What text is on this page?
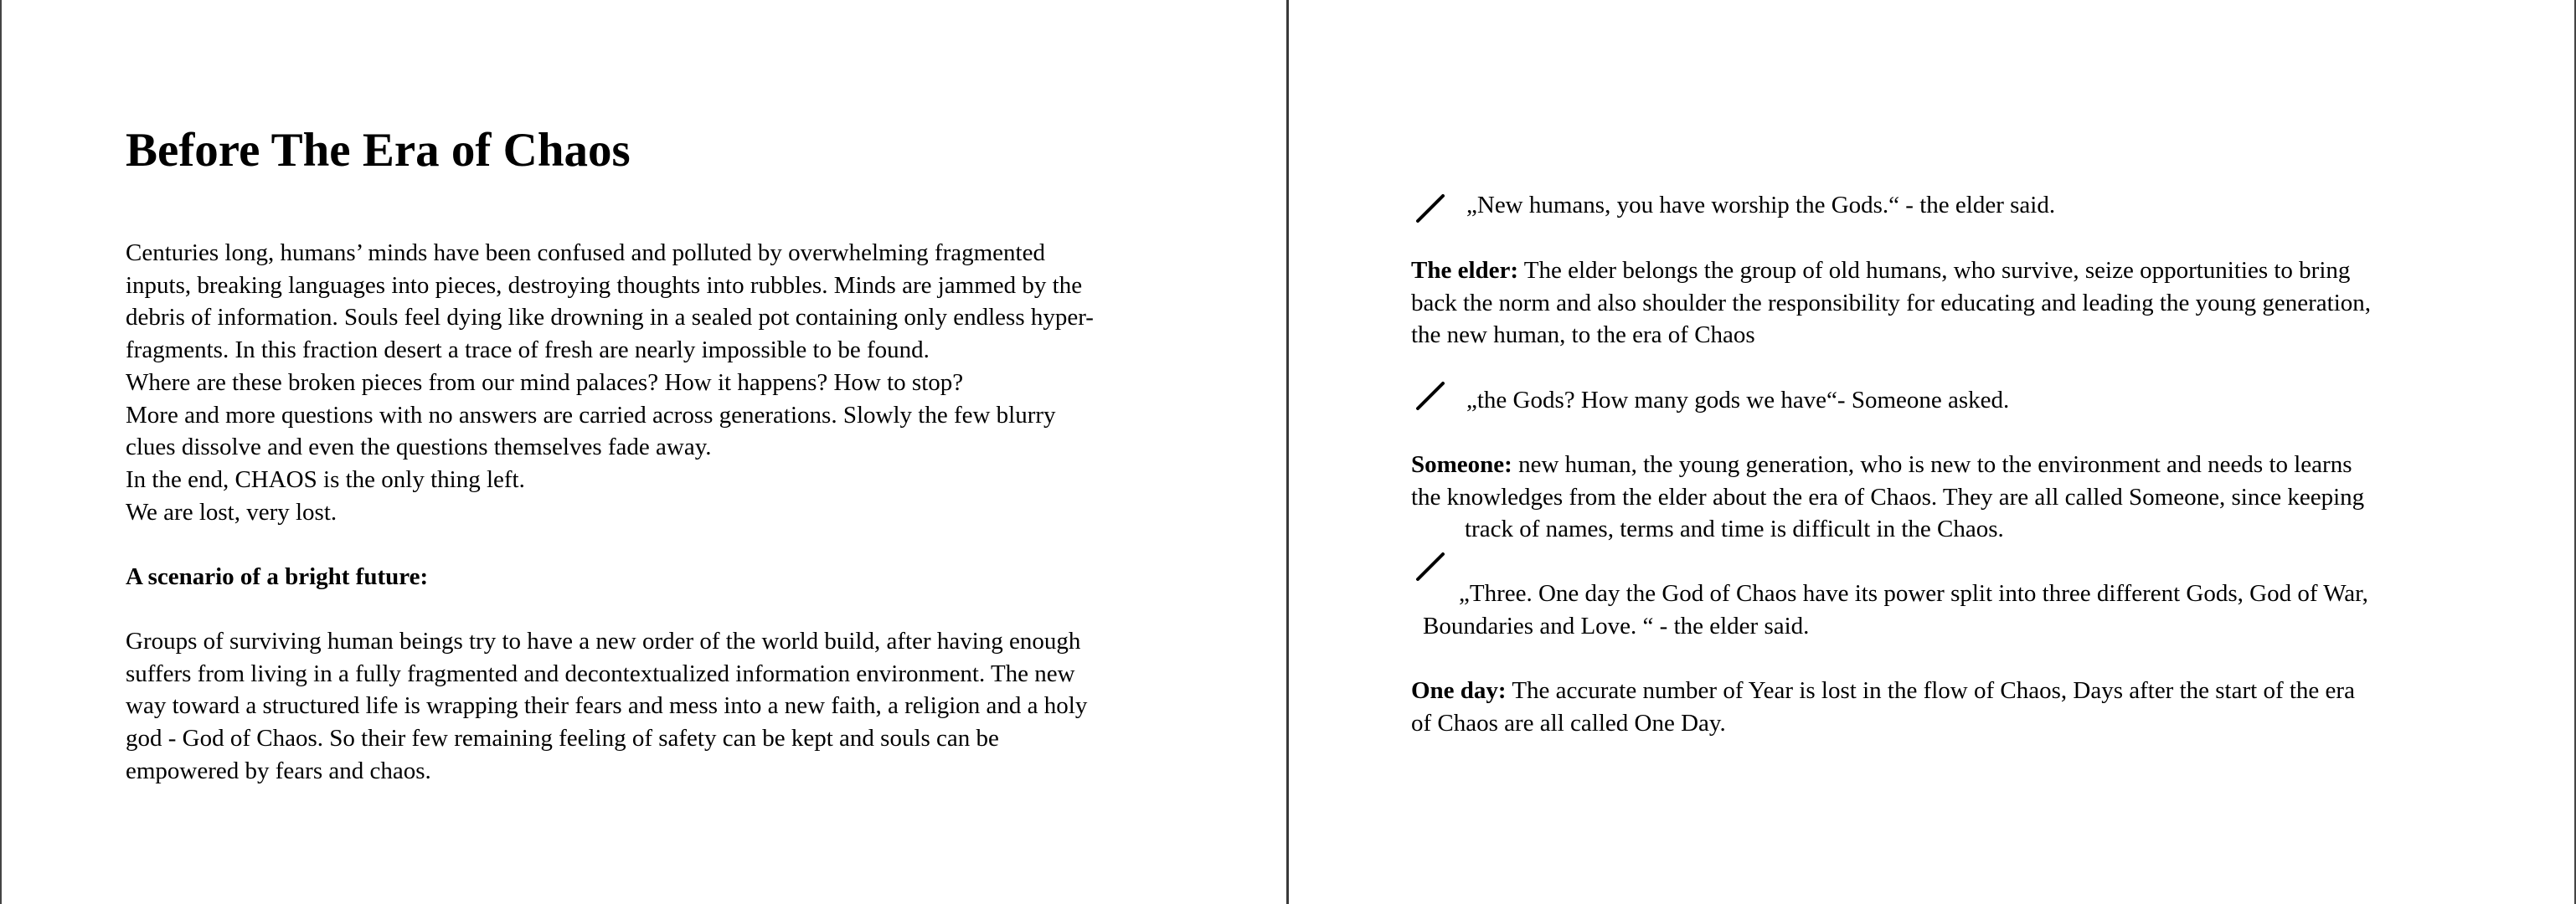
Before The Era of Chaos
Centuries long, humans’ minds have been confused and polluted by overwhelming fragmented
inputs, breaking languages into pieces, destroying thoughts into rubbles. Minds are jammed by the
debris of information. Souls feel dying like drowning in a sealed pot containing only endless hyper-
fragments. In this fraction desert a trace of fresh are nearly impossible to be found.
Where are these broken pieces from our mind palaces? How it happens? How to stop?
More and more questions with no answers are carried across generations. Slowly the few blurry
clues dissolve and even the questions themselves fade away.
In the end, CHAOS is the only thing left.
We are lost, very lost.
A scenario of a bright future:
Groups of surviving human beings try to have a new order of the world build, after having enough
suffers from living in a fully fragmented and decontextualized information environment. The new
way toward a structured life is wrapping their fears and mess into a new faith, a religion and a holy
god - God of Chaos. So their few remaining feeling of safety can be kept and souls can be
empowered by fears and chaos.
„New humans, you have worship the Gods.“ - the elder said.
The elder: The elder belongs the group of old humans, who survive, seize opportunities to bring
back the norm and also shoulder the responsibility for educating and leading the young generation,
the new human, to the era of Chaos
„the Gods? How many gods we have“- Someone asked.
Someone: new human, the young generation, who is new to the environment and needs to learns
the knowledges from the elder about the era of Chaos. They are all called Someone, since keeping
track of names, terms and time is difficult in the Chaos.
„Three. One day the God of Chaos have its power split into three different Gods, God of War,
Boundaries and Love. “ - the elder said.
One day: The accurate number of Year is lost in the flow of Chaos, Days after the start of the era
of Chaos are all called One Day.
